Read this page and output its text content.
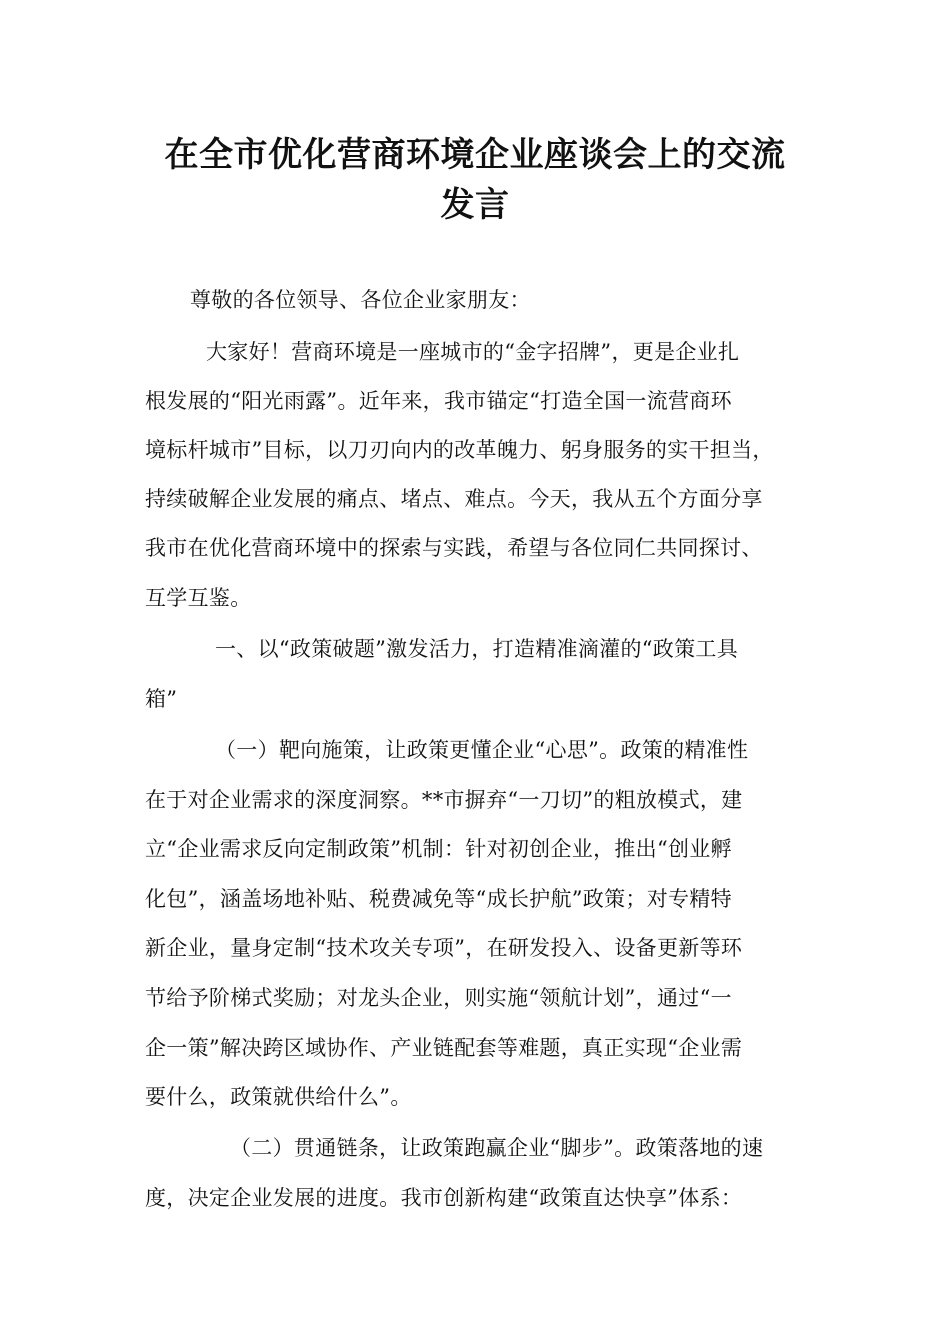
在全市优化营商环境企业座谈会上的交流
发言
尊敬的各位领导、各位企业家朋友：
大家好！营商环境是一座城市的“金字招牌”，更是企业扎
根发展的“阳光雨露”。近年来，我市锚定“打造全国一流营商环
境标杆城市”目标，以刀刃向内的改革魄力、躬身服务的实干担当，
持续破解企业发展的痛点、堵点、难点。今天，我从五个方面分享
我市在优化营商环境中的探索与实践，希望与各位同仁共同探讨、
互学互鉴。
一、以“政策破题”激发活力，打造精准滴灌的“政策工具
箱”
（一）靶向施策，让政策更懂企业“心思”。政策的精准性
在于对企业需求的深度洞察。**市摒弃“一刀切”的粗放模式，建
立“企业需求反向定制政策”机制：针对初创企业，推出“创业孵
化包”，涵盖场地补贴、税费减免等“成长护航”政策；对专精特
新企业，量身定制“技术攻关专项”，在研发投入、设备更新等环
节给予阶梯式奖励；对龙头企业，则实施“领航计划”，通过“一
企一策”解决跨区域协作、产业链配套等难题，真正实现“企业需
要什么，政策就供给什么”。
（二）贯通链条，让政策跑赢企业“脚步”。政策落地的速
度，决定企业发展的进度。我市创新构建“政策直达快享”体系：
